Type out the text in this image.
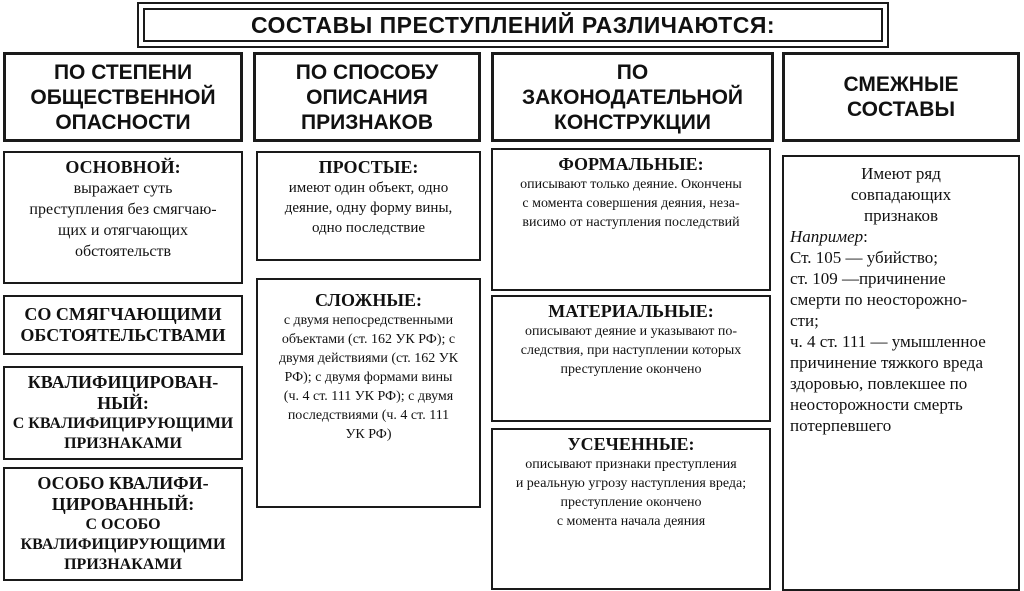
СОСТАВЫ ПРЕСТУПЛЕНИЙ РАЗЛИЧАЮТСЯ:
ПО СТЕПЕНИ
ОБЩЕСТВЕННОЙ
ОПАСНОСТИ
ПО СПОСОБУ
ОПИСАНИЯ
ПРИЗНАКОВ
ПО
ЗАКОНОДАТЕЛЬНОЙ
КОНСТРУКЦИИ
СМЕЖНЫЕ
СОСТАВЫ
ОСНОВНОЙ:
выражает суть
преступления без смягчаю-
щих и отягчающих
обстоятельств
СО СМЯГЧАЮЩИМИ
ОБСТОЯТЕЛЬСТВАМИ
КВАЛИФИЦИРОВАН-
НЫЙ:
С КВАЛИФИЦИРУЮЩИМИ
ПРИЗНАКАМИ
ОСОБО КВАЛИФИ-
ЦИРОВАННЫЙ:
С ОСОБО
КВАЛИФИЦИРУЮЩИМИ
ПРИЗНАКАМИ
ПРОСТЫЕ:
имеют один объект, одно
деяние, одну форму вины,
одно последствие
СЛОЖНЫЕ:
с двумя непосредственными
объектами (ст. 162 УК РФ); с
двумя действиями (ст. 162 УК
РФ); с двумя формами вины
(ч. 4 ст. 111 УК РФ); с двумя
последствиями (ч. 4 ст. 111
УК РФ)
ФОРМАЛЬНЫЕ:
описывают только деяние. Окончены
с момента совершения деяния, неза-
висимо от наступления последствий
МАТЕРИАЛЬНЫЕ:
описывают деяние и указывают по-
следствия, при наступлении которых
преступление окончено
УСЕЧЕННЫЕ:
описывают признаки преступления
и реальную угрозу наступления вреда;
преступление окончено
с момента начала деяния
Имеют ряд
совпадающих
признаков
Например:
Ст. 105 — убийство;
ст. 109 —причинение
смерти по неосторожно-
сти;
ч. 4 ст. 111 — умышленное
причинение тяжкого вреда
здоровью, повлекшее по
неосторожности смерть
потерпевшего
